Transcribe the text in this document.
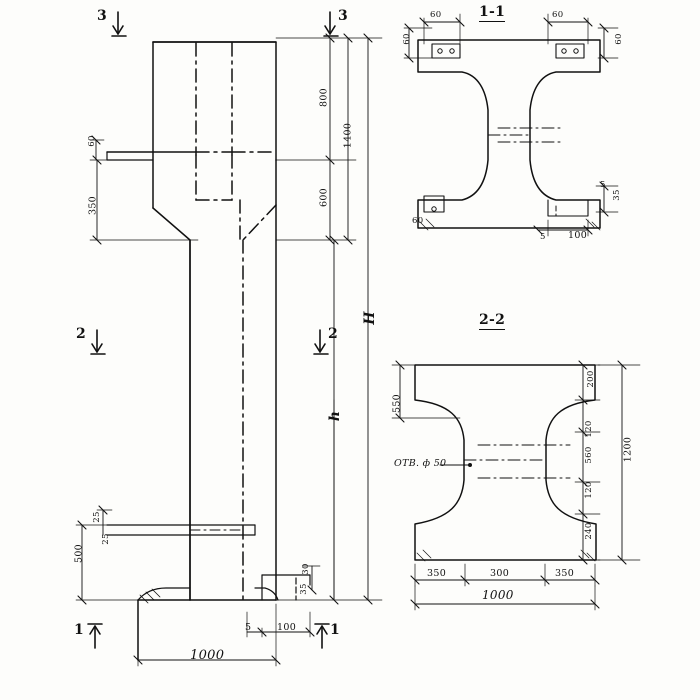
1-1
2-2
3	3
2	2
1	1
800
1400
600
350
60
H
h
25
25
500
30
35
5	100
1000
60
60
60
60
60
5
35
5 100
550
200
120
560
120
240
1200
350	300	350
1000
ОТВ. ф 50
